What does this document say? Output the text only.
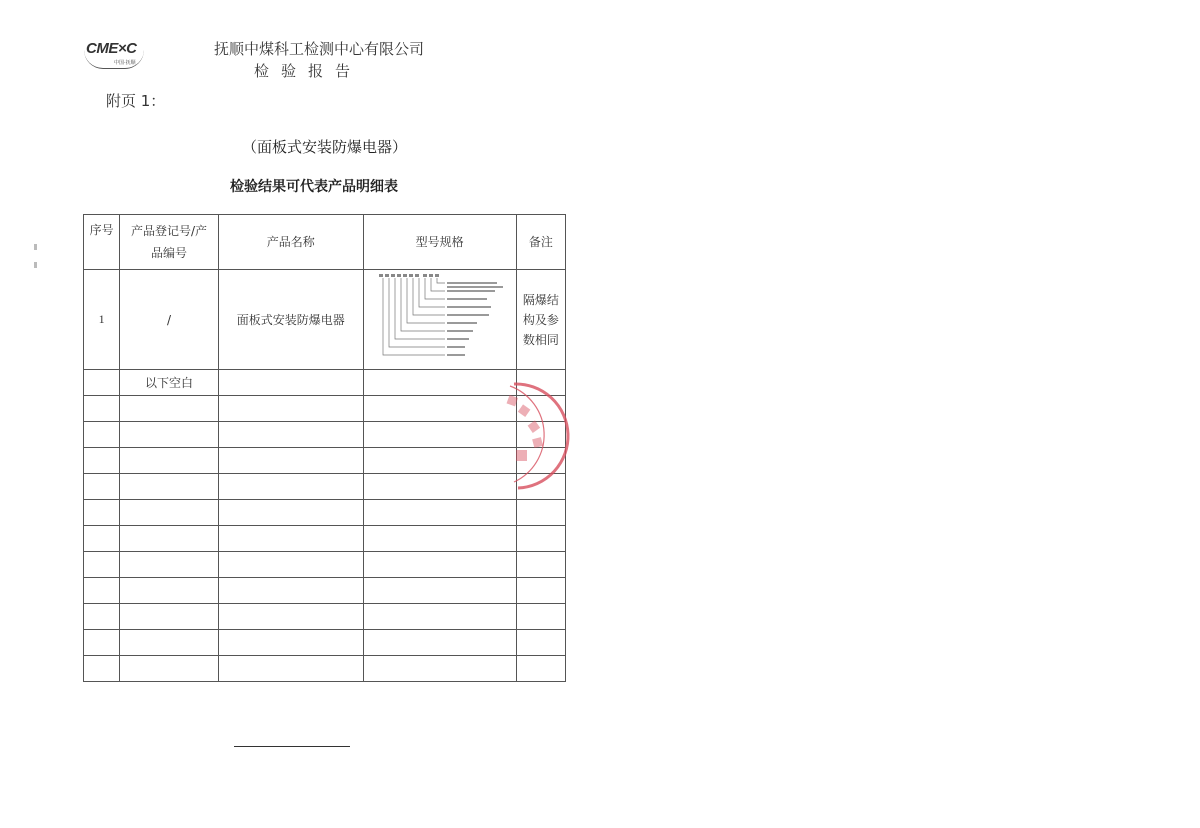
CME×C
中国·抚顺
抚顺中煤科工检测中心有限公司
检验报告
附页 1：
（面板式安装防爆电器）
检验结果可代表产品明细表
序号	产品登记号/产品编号	产品名称	型号规格	备注
1	/	面板式安装防爆电器		隔爆结构及参数相同
	以下空白			
